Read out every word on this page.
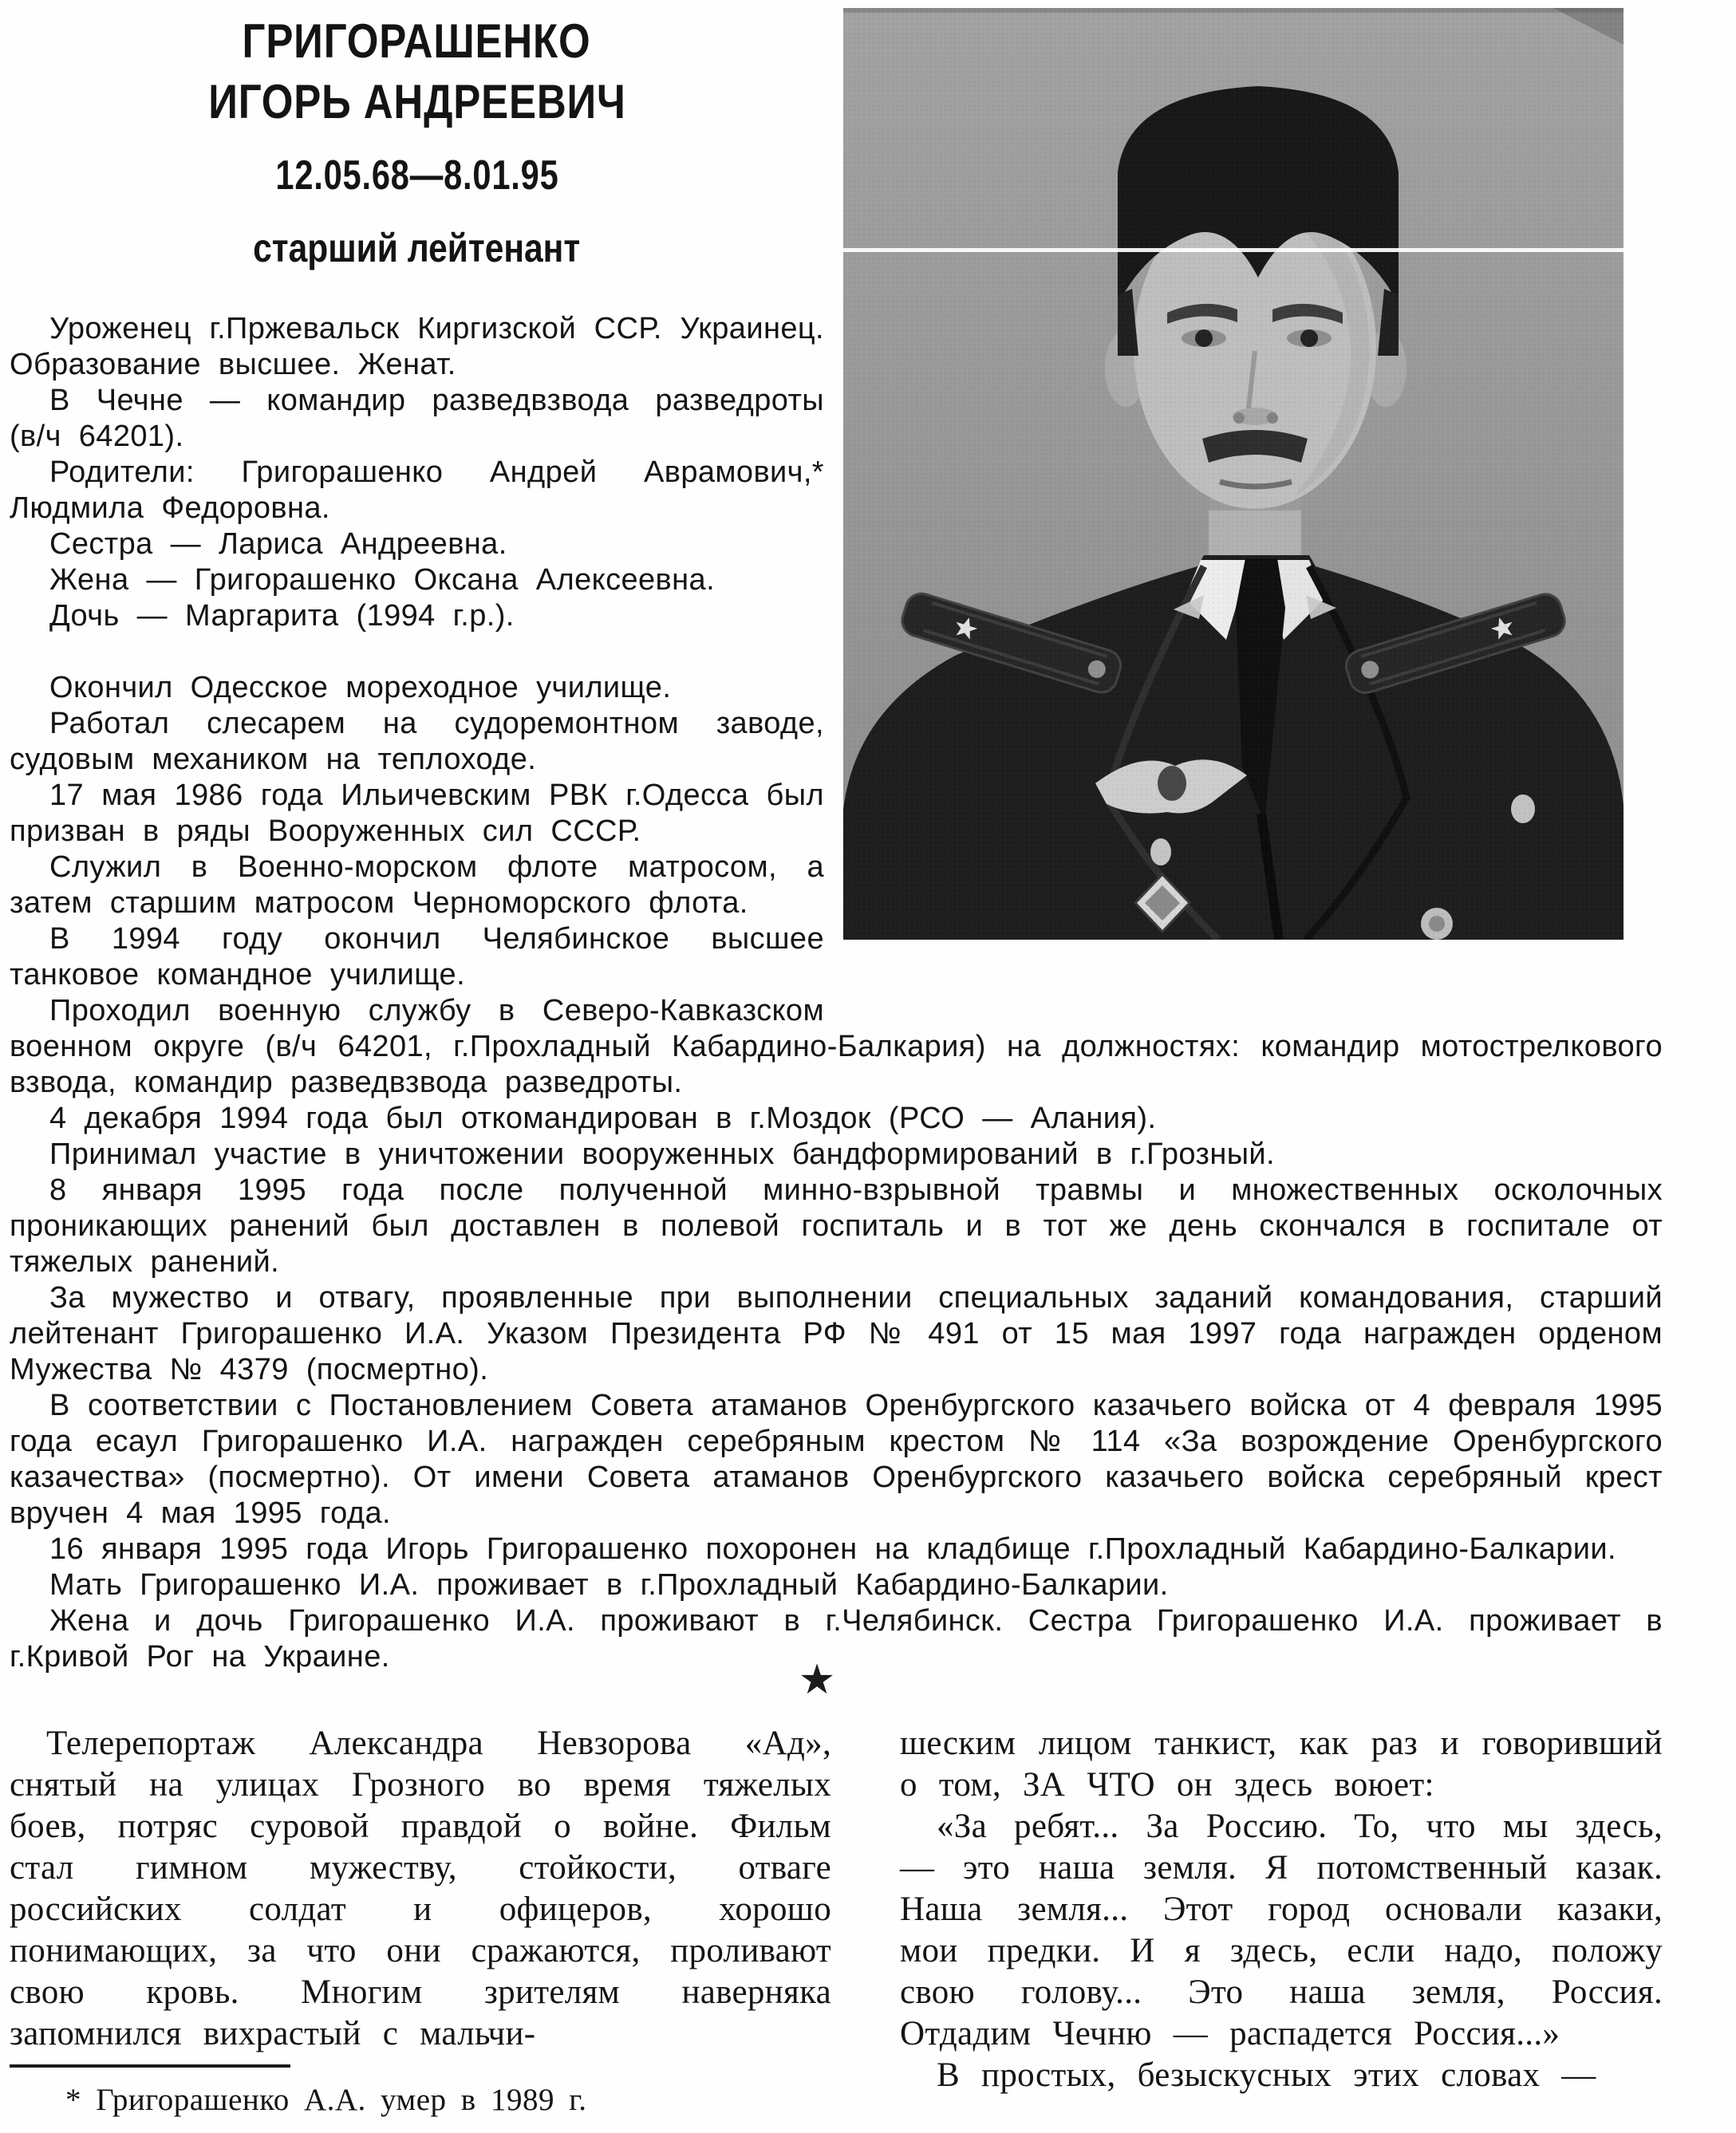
ГРИГОРАШЕНКО
ИГОРЬ АНДРЕЕВИЧ
12.05.68—8.01.95
старший лейтенант

Уроженец г.Пржевальск Киргизской ССР. Украинец. Образование высшее. Женат.

В Чечне — командир разведвзвода разведроты (в/ч 64201).

Родители: Григорашенко Андрей Аврамович,* Людмила Федоровна.

Сестра — Лариса Андреевна.

Жена — Григорашенко Оксана Алексеевна.

Дочь — Маргарита (1994 г.р.).

Окончил Одесское мореходное училище.

Работал слесарем на судоремонтном заводе, судовым механиком на теплоходе.

17 мая 1986 года Ильичевским РВК г.Одесса был призван в ряды Вооруженных сил СССР.

Служил в Военно-морском флоте матросом, а затем старшим матросом Черноморского флота.

В 1994 году окончил Челябинское высшее танковое командное училище.

Проходил военную службу в Северо-Кавказском военном округе (в/ч 64201, г.Прохладный Кабардино-Балкария) на должностях: командир мотострелкового взвода, командир разведвзвода разведроты.

4 декабря 1994 года был откомандирован в г.Моздок (РСО — Алания).

Принимал участие в уничтожении вооруженных бандформирований в г.Грозный.

8 января 1995 года после полученной минно-взрывной травмы и множественных осколочных проникающих ранений был доставлен в полевой госпиталь и в тот же день скончался в госпитале от тяжелых ранений.

За мужество и отвагу, проявленные при выполнении специальных заданий командования, старший лейтенант Григорашенко И.А. Указом Президента РФ № 491 от 15 мая 1997 года награжден орденом Мужества № 4379 (посмертно).

В соответствии с Постановлением Совета атаманов Оренбургского казачьего войска от 4 февраля 1995 года есаул Григорашенко И.А. награжден серебряным крестом № 114 «За возрождение Оренбургского казачества» (посмертно). От имени Совета атаманов Оренбургского казачьего войска серебряный крест вручен 4 мая 1995 года.

16 января 1995 года Игорь Григорашенко похоронен на кладбище г.Прохладный Кабардино-Балкарии.

Мать Григорашенко И.А. проживает в г.Прохладный Кабардино-Балкарии.

Жена и дочь Григорашенко И.А. проживают в г.Челябинск. Сестра Григорашенко И.А. проживает в г.Кривой Рог на Украине.	★

Телерепортаж Александра Невзорова «Ад», снятый на улицах Грозного во время тяжелых боев, потряс суровой правдой о войне. Фильм стал гимном мужеству, стойкости, отваге российских солдат и офицеров, хорошо понимающих, за что они сражаются, проливают свою кровь. Многим зрителям наверняка запомнился вихрастый с мальчи-

шеским лицом танкист, как раз и говоривший о том, ЗА ЧТО он здесь воюет:

«За ребят... За Россию. То, что мы здесь, — это наша земля. Я потомственный казак. Наша земля... Этот город основали казаки, мои предки. И я здесь, если надо, положу свою голову... Это наша земля, Россия. Отдадим Чечню — распадется Россия...»

В простых, безыскусных этих словах —

* Григорашенко А.А. умер в 1989 г.
